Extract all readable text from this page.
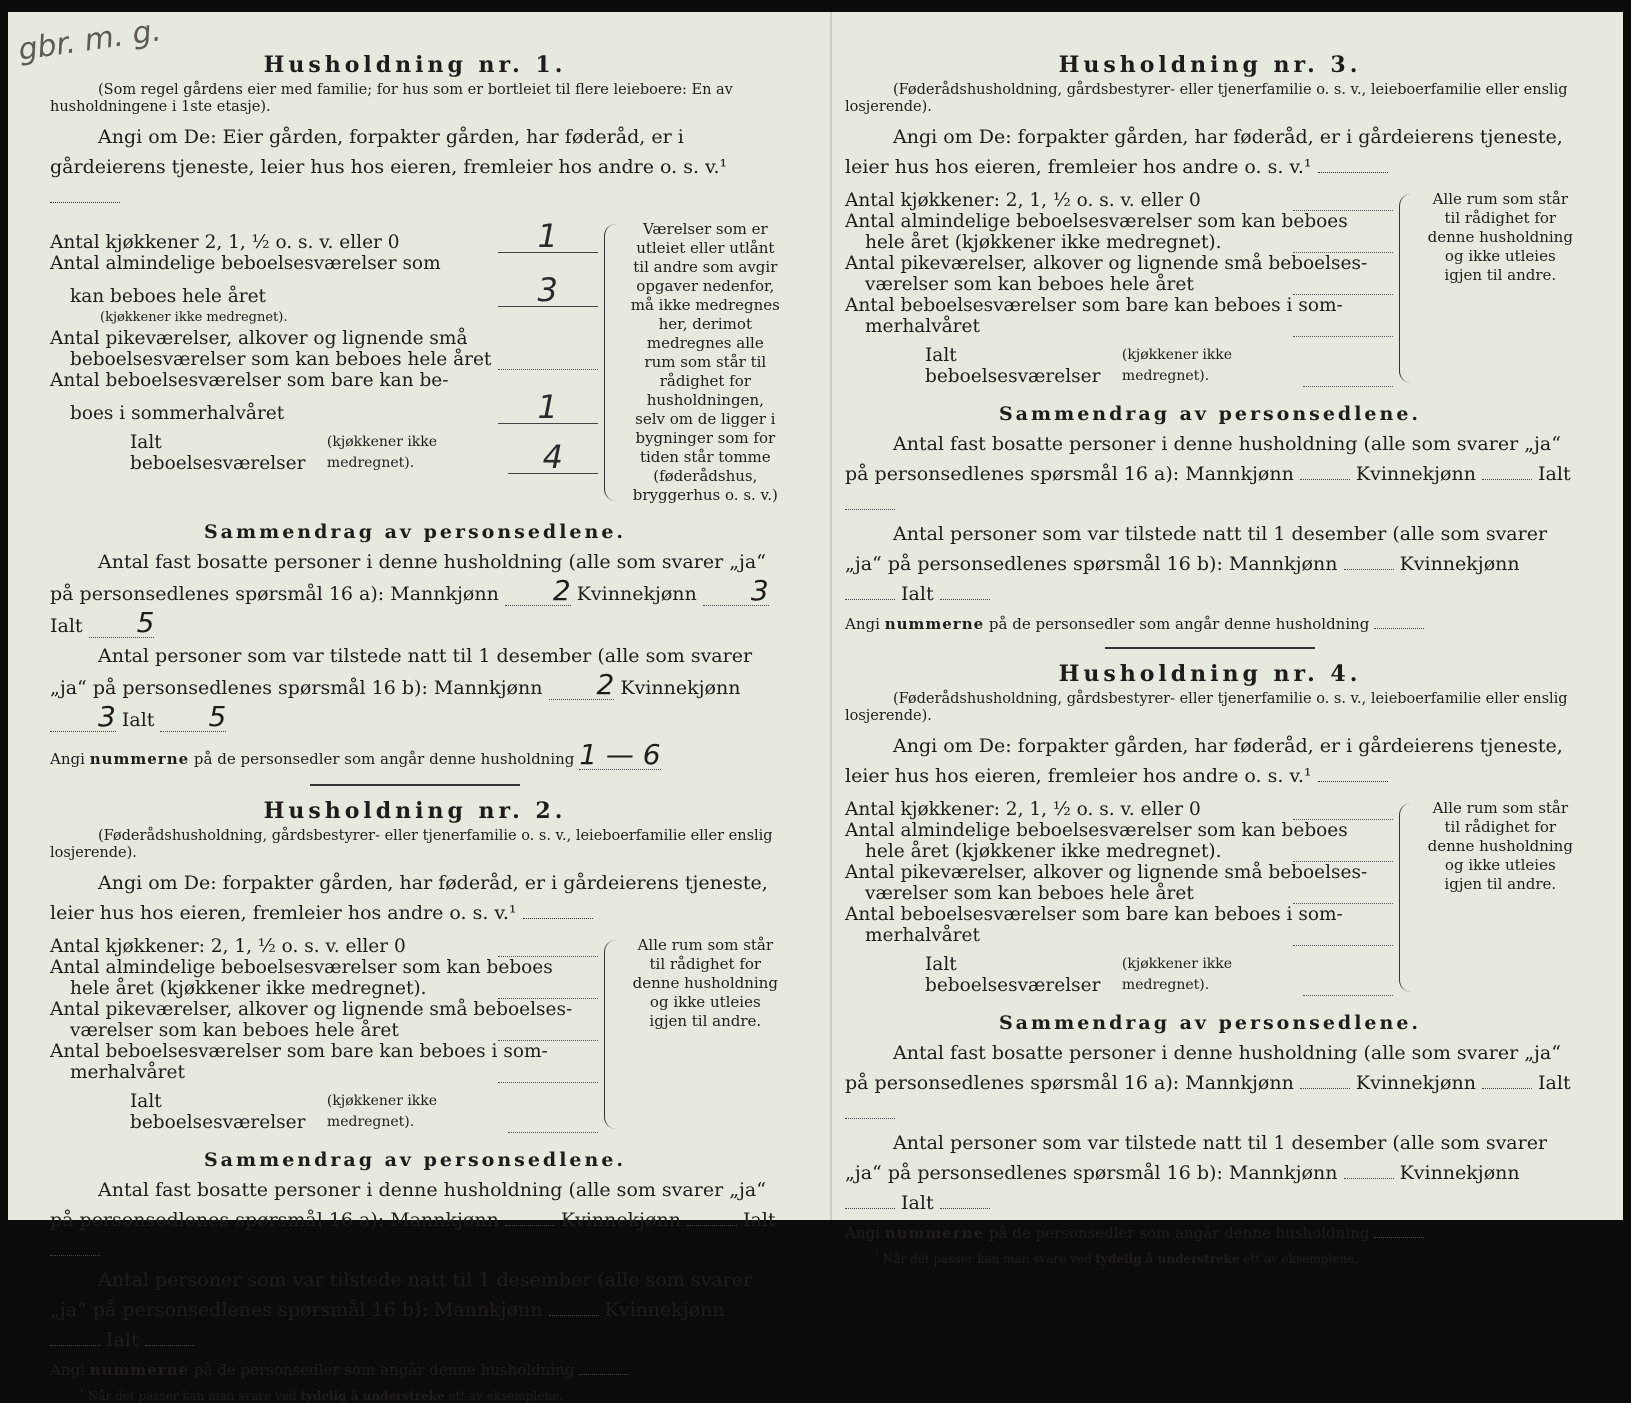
gbr. m. g.	Husholdning nr. 1.

(Som regel gårdens eier med familie; for hus som er bortleiet til flere leieboere: En av husholdningene i 1ste etasje).

Angi om De: Eier gården, forpakter gården, har føderåd, er i gårdeierens tjeneste, leier hus hos eieren, fremleier hos andre o. s. v.¹

Antal kjøkkener 2, 1, ½ o. s. v. eller 0	1
Antal almindelige beboelsesværelser som
kan beboes hele året	3
(kjøkkener ikke medregnet).
Antal pikeværelser, alkover og lignende små
beboelsesværelser som kan beboes hele året
Antal beboelsesværelser som bare kan be-
boes i sommerhalvåret	1
Ialt beboelsesværelser

(kjøkkener ikke medregnet).	4
Værelser som er utleiet eller utlånt til andre som avgir opgaver nedenfor, må ikke medregnes her, derimot medregnes alle rum som står til rådighet for husholdningen, selv om de ligger i bygninger som for tiden står tomme (føderådshus, bryggerhus o. s. v.)
Sammendrag av personsedlene.

Antal fast bosatte personer i denne husholdning (alle som svarer „ja“ på personsedlenes spørsmål 16 a): Mannkjønn 2 Kvinnekjønn 3 Ialt 5

Antal personer som var tilstede natt til 1 desember (alle som svarer „ja“ på personsedlenes spørsmål 16 b): Mannkjønn 2 Kvinnekjønn 3 Ialt 5

Angi nummerne på de personsedler som angår denne husholdning 1 — 6
Husholdning nr. 2.

(Føderådshusholdning, gårdsbestyrer- eller tjenerfamilie o. s. v., leieboerfamilie eller enslig losjerende).

Angi om De: forpakter gården, har føderåd, er i gårdeierens tjeneste, leier hus hos eieren, fremleier hos andre o. s. v.¹

Antal kjøkkener: 2, 1, ½ o. s. v. eller 0
Antal almindelige beboelsesværelser som kan beboes
hele året (kjøkkener ikke medregnet).
Antal pikeværelser, alkover og lignende små beboelses-
værelser som kan beboes hele året
Antal beboelsesværelser som bare kan beboes i som-
merhalvåret
Ialt beboelsesværelser

(kjøkkener ikke medregnet).
Alle rum som står til rådighet for denne husholdning og ikke utleies igjen til andre.
Sammendrag av personsedlene.

Antal fast bosatte personer i denne husholdning (alle som svarer „ja“ på personsedlenes spørsmål 16 a): Mannkjønn	Kvinnekjønn	Ialt

Antal personer som var tilstede natt til 1 desember (alle som svarer „ja“ på personsedlenes spørsmål 16 b): Mannkjønn	Kvinnekjønn  Ialt

Angi nummerne på de personsedler som angår denne husholdning
$^{^1}$ Når det passer kan man svare ved tydelig å understreke ett av eksemplene.
Husholdning nr. 3.

(Føderådshusholdning, gårdsbestyrer- eller tjenerfamilie o. s. v., leieboerfamilie eller enslig losjerende).

Angi om De: forpakter gården, har føderåd, er i gårdeierens tjeneste, leier hus hos eieren, fremleier hos andre o. s. v.¹

Antal kjøkkener: 2, 1, ½ o. s. v. eller 0
Antal almindelige beboelsesværelser som kan beboes
hele året (kjøkkener ikke medregnet).
Antal pikeværelser, alkover og lignende små beboelses-
værelser som kan beboes hele året
Antal beboelsesværelser som bare kan beboes i som-
merhalvåret
Ialt beboelsesværelser

(kjøkkener ikke medregnet).
Alle rum som står til rådighet for denne husholdning og ikke utleies igjen til andre.
Sammendrag av personsedlene.

Antal fast bosatte personer i denne husholdning (alle som svarer „ja“ på personsedlenes spørsmål 16 a): Mannkjønn	Kvinnekjønn	Ialt

Antal personer som var tilstede natt til 1 desember (alle som svarer „ja“ på personsedlenes spørsmål 16 b): Mannkjønn	Kvinnekjønn  Ialt

Angi nummerne på de personsedler som angår denne husholdning
Husholdning nr. 4.

(Føderådshusholdning, gårdsbestyrer- eller tjenerfamilie o. s. v., leieboerfamilie eller enslig losjerende).

Angi om De: forpakter gården, har føderåd, er i gårdeierens tjeneste, leier hus hos eieren, fremleier hos andre o. s. v.¹

Antal kjøkkener: 2, 1, ½ o. s. v. eller 0
Antal almindelige beboelsesværelser som kan beboes
hele året (kjøkkener ikke medregnet).
Antal pikeværelser, alkover og lignende små beboelses-
værelser som kan beboes hele året
Antal beboelsesværelser som bare kan beboes i som-
merhalvåret
Ialt beboelsesværelser

(kjøkkener ikke medregnet).
Alle rum som står til rådighet for denne husholdning og ikke utleies igjen til andre.
Sammendrag av personsedlene.

Antal fast bosatte personer i denne husholdning (alle som svarer „ja“ på personsedlenes spørsmål 16 a): Mannkjønn	Kvinnekjønn	Ialt

Antal personer som var tilstede natt til 1 desember (alle som svarer „ja“ på personsedlenes spørsmål 16 b): Mannkjønn	Kvinnekjønn  Ialt

Angi nummerne på de personsedler som angår denne husholdning
$^{^1}$ Når det passer kan man svare ved tydelig å understreke ett av eksemplene.
